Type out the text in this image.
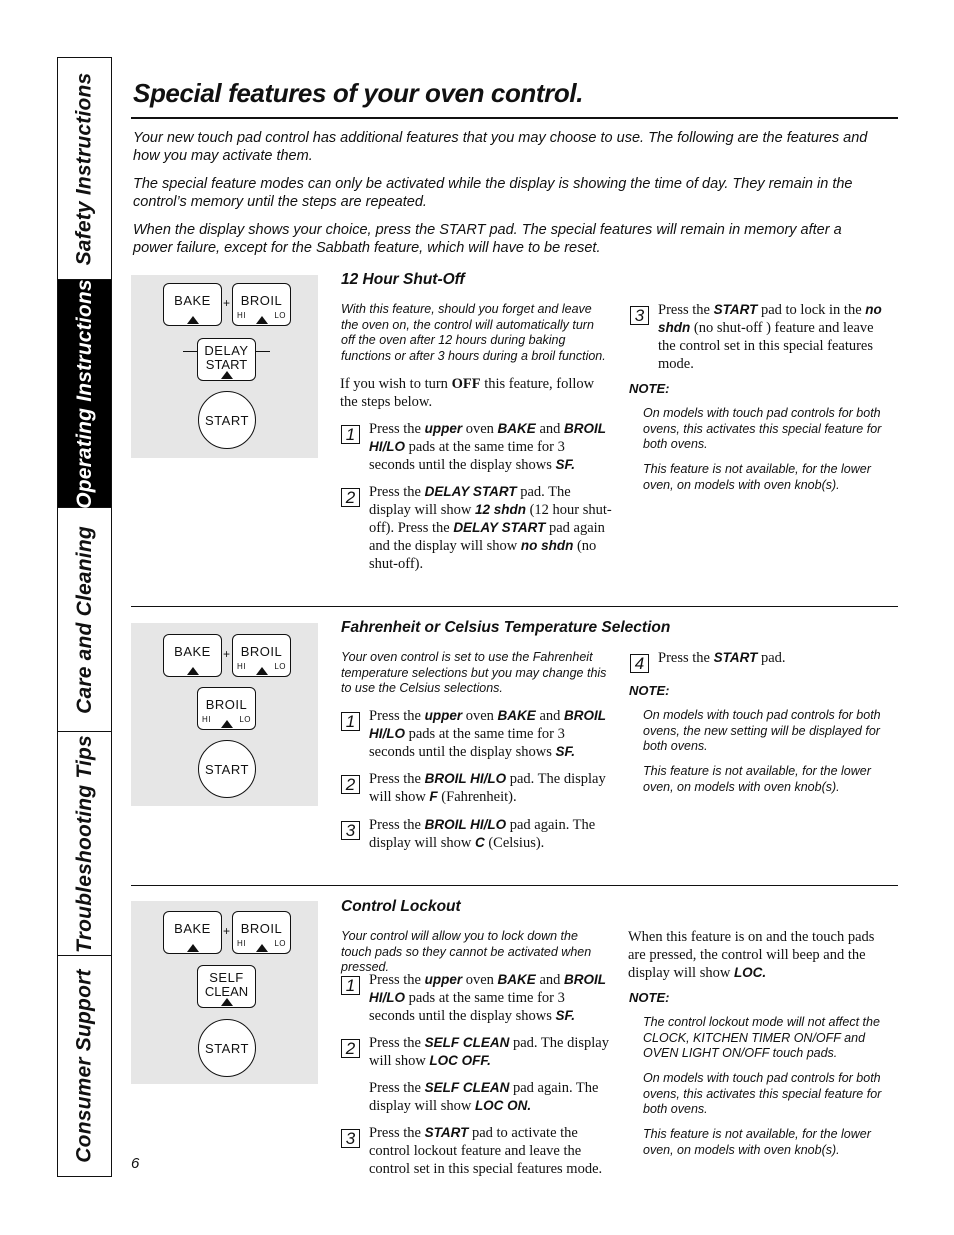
Safety Instructions
Operating Instructions
Care and Cleaning
Troubleshooting Tips
Consumer Support
Special features of your oven control.

Your new touch pad control has additional features that you may choose to use. The following are the features and how you may activate them.

The special feature modes can only be activated while the display is showing the time of day. They remain in the control’s memory until the steps are repeated.

When the display shows your choice, press the START pad. The special features will remain in memory after a power failure, except for the Sabbath feature, which will have to be reset.

BAKE	+ BROIL
HI	LO
DELAY
START
START
12 Hour Shut-Off
With this feature, should you forget and leave the oven on, the control will automatically turn off the oven after 12 hours during baking functions or after 3 hours during a broil function.
If you wish to turn OFF this feature, follow the steps below.
1 Press the upper oven BAKE and BROIL HI/LO pads at the same time for 3 seconds until the display shows SF.
2 Press the DELAY START pad. The display will show 12 shdn (12 hour shut-off). Press the DELAY START pad again and the display will show no shdn (no shut-off).
3 Press the START pad to lock in the no shdn (no shut-off ) feature and leave the control set in this special features mode.
NOTE:
On models with touch pad controls for both ovens, this activates this special feature for both ovens.
This feature is not available, for the lower oven, on models with oven knob(s).
BAKE	+ BROIL
HI	LO
BROIL
HI	LO
START
Fahrenheit or Celsius Temperature Selection
Your oven control is set to use the Fahrenheit temperature selections but you may change this to use the Celsius selections.
1 Press the upper oven BAKE and BROIL HI/LO pads at the same time for 3 seconds until the display shows SF.
2 Press the BROIL HI/LO pad. The display will show F (Fahrenheit).
3 Press the BROIL HI/LO pad again. The display will show C (Celsius).
4 Press the START pad.
NOTE:
On models with touch pad controls for both ovens, the new setting will be displayed for both ovens.
This feature is not available, for the lower oven, on models with oven knob(s).
BAKE	+ BROIL
HI	LO
SELF
CLEAN
START
Control Lockout
Your control will allow you to lock down the touch pads so they cannot be activated when pressed.
1 Press the upper oven BAKE and BROIL HI/LO pads at the same time for 3 seconds until the display shows SF.
2 Press the SELF CLEAN pad. The display will show LOC OFF.
Press the SELF CLEAN pad again. The display will show LOC ON.
3 Press the START pad to activate the control lockout feature and leave the control set in this special features mode.
When this feature is on and the touch pads are pressed, the control will beep and the display will show LOC.
NOTE:
The control lockout mode will not affect the CLOCK, KITCHEN TIMER ON/OFF and OVEN LIGHT ON/OFF touch pads.
On models with touch pad controls for both ovens, this activates this special feature for both ovens.
This feature is not available, for the lower oven, on models with oven knob(s).
6
